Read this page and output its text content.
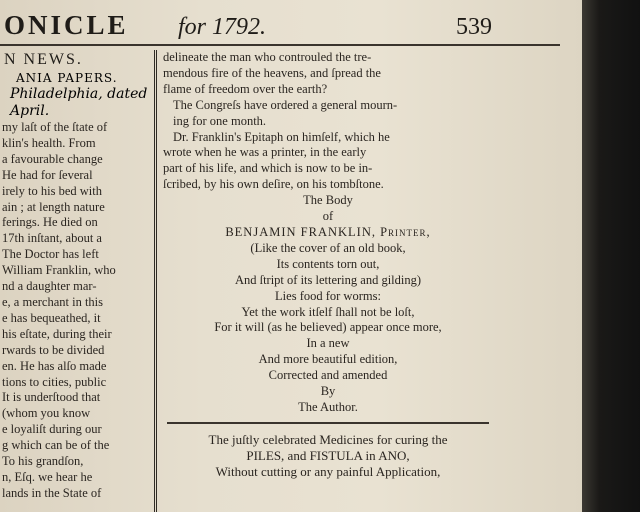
ONICLE for 1792.	539
N NEWS.
ANIA PAPERS.
Philadelphia, dated
April.
my laſt of the ſtate of
klin's health. From
a favourable change
He had for ſeveral
irely to his bed with
ain ; at length nature
ferings. He died on
17th inſtant, about a
The Doctor has left
William Franklin, who
nd a daughter mar-
e, a merchant in this
e has bequeathed, it
his eſtate, during their
rwards to be divided
en. He has alſo made
tions to cities, public
It is underſtood that
(whom you know
e loyaliſt during our
g which can be of the
To his grandſon,
n, Eſq. we hear he
lands in the State of
delineate the man who controuled the tre-
mendous fire of the heavens, and ſpread the
flame of freedom over the earth?
The Congreſs have ordered a general mourn-
ing for one month.
Dr. Franklin's Epitaph on himſelf, which he
wrote when he was a printer, in the early
part of his life, and which is now to be in-
ſcribed, by his own deſire, on his tombſtone.
The Body
of
BENJAMIN FRANKLIN, Printer,
(Like the cover of an old book,
Its contents torn out,
And ſtript of its lettering and gilding)
Lies food for worms:
Yet the work itſelf ſhall not be loſt,
For it will (as he believed) appear once more,
In a new
And more beautiful edition,
Corrected and amended
By
The Author.
The juſtly celebrated Medicines for curing the
PILES, and FISTULA in ANO,
Without cutting or any painful Application,
